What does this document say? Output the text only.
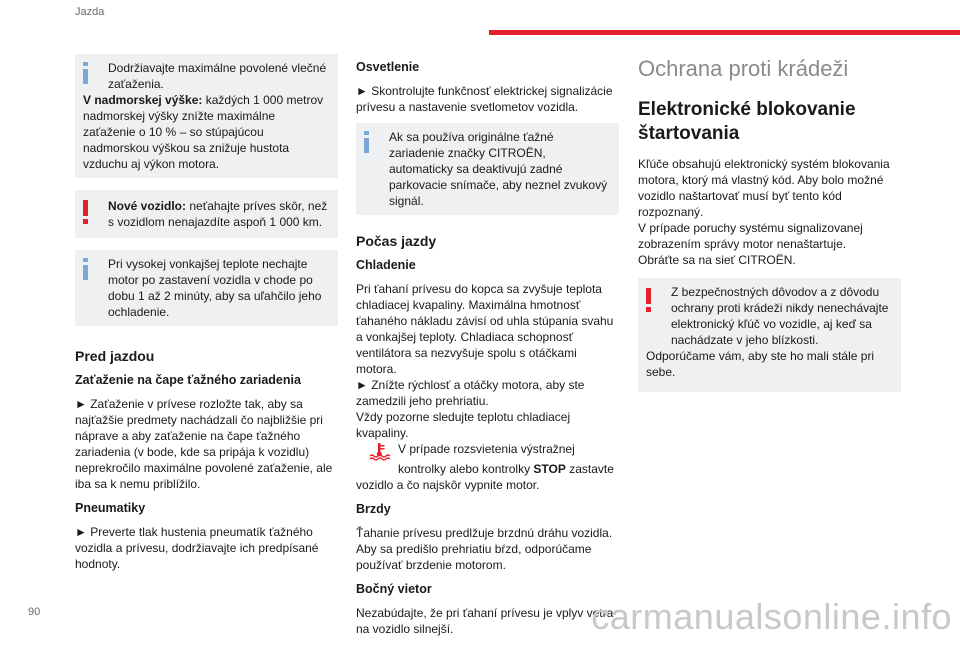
Jazda

Dodržiavajte maximálne povolené vlečné

zaťaženia.

V nadmorskej výške: každých 1 000 metrov nadmorskej výšky znížte maximálne zaťaženie o 10 % – so stúpajúcou nadmorskou výškou sa znižuje hustota vzduchu aj výkon motora.

Nové vozidlo: neťahajte príves skôr, než s vozidlom nenajazdíte aspoň 1 000 km.

Pri vysokej vonkajšej teplote nechajte

motor po zastavení vozidla v chode po dobu 1 až 2 minúty, aby sa uľahčilo jeho ochladenie.

Pred jazdou
Zaťaženie na čape ťažného zariadenia

► Zaťaženie v prívese rozložte tak, aby sa najťažšie predmety nachádzali čo najbližšie pri náprave a aby zaťaženie na čape ťažného zariadenia (v bode, kde sa pripája k vozidlu) neprekročilo maximálne povolené zaťaženie, ale iba sa k nemu priblížilo.

Pneumatiky

► Preverte tlak hustenia pneumatík ťažného vozidla a prívesu, dodržiavajte ich predpísané hodnoty.

Osvetlenie

► Skontrolujte funkčnosť elektrickej signalizácie prívesu a nastavenie svetlometov vozidla.

Ak sa používa originálne ťažné

zariadenie značky CITROËN, automaticky sa deaktivujú zadné parkovacie snímače, aby neznel zvukový signál.

Počas jazdy
Chladenie

Pri ťahaní prívesu do kopca sa zvyšuje teplota chladiacej kvapaliny. Maximálna hmotnosť ťahaného nákladu závisí od uhla stúpania svahu a vonkajšej teploty. Chladiaca schopnosť ventilátora sa nezvyšuje spolu s otáčkami motora.

► Znížte rýchlosť a otáčky motora, aby ste zamedzili jeho prehriatiu.

Vždy pozorne sledujte teplotu chladiacej kvapaliny.

V prípade rozsvietenia výstražnej
kontrolky alebo kontrolky STOP zastavte
vozidlo a čo najskôr vypnite motor.
Brzdy

Ťahanie prívesu predlžuje brzdnú dráhu vozidla. Aby sa predišlo prehriatiu bŕzd, odporúčame používať brzdenie motorom.

Bočný vietor

Nezabúdajte, že pri ťahaní prívesu je vplyv vetra na vozidlo silnejší.

Ochrana proti krádeži
Elektronické blokovanie štartovania

Kľúče obsahujú elektronický systém blokovania motora, ktorý má vlastný kód. Aby bolo možné vozidlo naštartovať musí byť tento kód rozpoznaný.

V prípade poruchy systému signalizovanej zobrazením správy motor nenaštartuje.

Obráťte sa na sieť CITROËN.

Z bezpečnostných dôvodov a z dôvodu

ochrany proti krádeži nikdy nenechávajte elektronický kľúč vo vozidle, aj keď sa nachádzate v jeho blízkosti.

Odporúčame vám, aby ste ho mali stále pri sebe.

90	carmanualsonline.info
